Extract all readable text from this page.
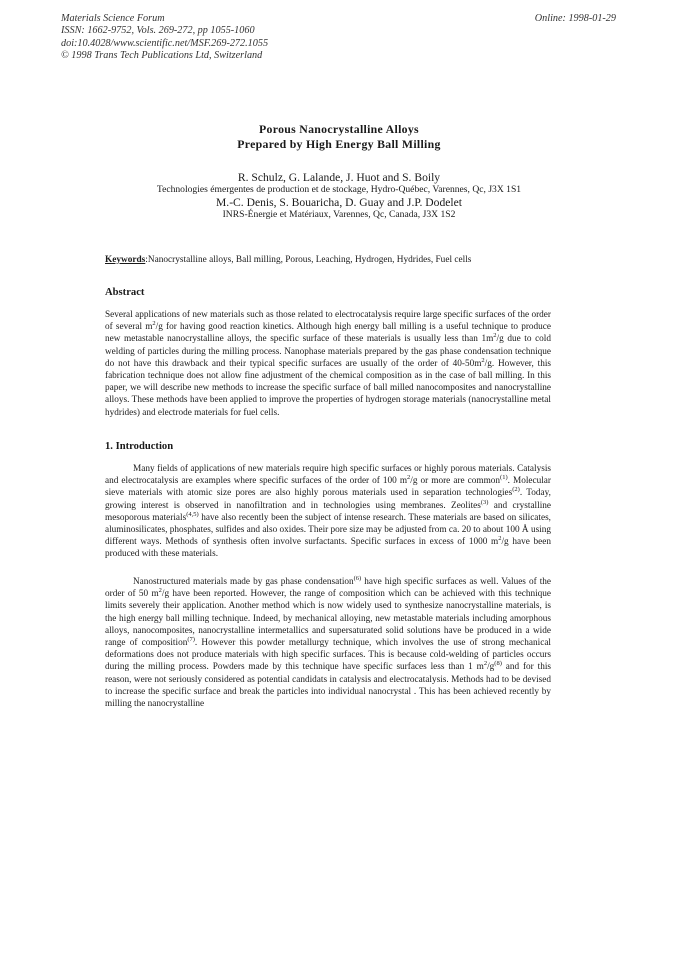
Materials Science Forum
ISSN: 1662-9752, Vols. 269-272, pp 1055-1060
doi:10.4028/www.scientific.net/MSF.269-272.1055
© 1998 Trans Tech Publications Ltd, Switzerland
Online: 1998-01-29
Porous Nanocrystalline Alloys
Prepared by High Energy Ball Milling
R. Schulz, G. Lalande, J. Huot and S. Boily
Technologies émergentes de production et de stockage, Hydro-Québec, Varennes, Qc, J3X 1S1
M.-C. Denis, S. Bouaricha, D. Guay and J.P. Dodelet
INRS-Énergie et Matériaux, Varennes, Qc, Canada, J3X 1S2
Keywords:Nanocrystalline alloys, Ball milling, Porous, Leaching, Hydrogen, Hydrides, Fuel cells
Abstract
Several applications of new materials such as those related to electrocatalysis require large specific surfaces of the order of several $m^2/g$ for having good reaction kinetics. Although high energy ball milling is a useful technique to produce new metastable nanocrystalline alloys, the specific surface of these materials is usually less than $1m^2/g$ due to cold welding of particles during the milling process. Nanophase materials prepared by the gas phase condensation technique do not have this drawback and their typical specific surfaces are usually of the order of $40-50m^2/g$. However, this fabrication technique does not allow fine adjustment of the chemical composition as in the case of ball milling. In this paper, we will describe new methods to increase the specific surface of ball milled nanocomposites and nanocrystalline alloys. These methods have been applied to improve the properties of hydrogen storage materials (nanocrystalline metal hydrides) and electrode materials for fuel cells.
1. Introduction
Many fields of applications of new materials require high specific surfaces or highly porous materials. Catalysis and electrocatalysis are examples where specific surfaces of the order of 100 $m^2/g$ or more are common$^{(1)}$. Molecular sieve materials with atomic size pores are also highly porous materials used in separation technologies$^{(2)}$. Today, growing interest is observed in nanofiltration and in technologies using membranes. Zeolites$^{(3)}$ and crystalline mesoporous materials$^{(4,5)}$ have also recently been the subject of intense research. These materials are based on silicates, aluminosilicates, phosphates, sulfides and also oxides. Their pore size may be adjusted from ca. 20 to about 100 Å using different ways. Methods of synthesis often involve surfactants. Specific surfaces in excess of 1000 $m^2/g$ have been produced with these materials.
Nanostructured materials made by gas phase condensation$^{(6)}$ have high specific surfaces as well. Values of the order of 50 $m^2/g$ have been reported. However, the range of composition which can be achieved with this technique limits severely their application. Another method which is now widely used to synthesize nanocrystalline materials, is the high energy ball milling technique. Indeed, by mechanical alloying, new metastable materials including amorphous alloys, nanocomposites, nanocrystalline intermetallics and supersaturated solid solutions have be produced in a wide range of composition$^{(7)}$. However this powder metallurgy technique, which involves the use of strong mechanical deformations does not produce materials with high specific surfaces. This is because cold-welding of particles occurs during the milling process. Powders made by this technique have specific surfaces less than 1 $m^2/g^{(8)}$ and for this reason, were not seriously considered as potential candidats in catalysis and electrocatalysis. Methods had to be devised to increase the specific surface and break the particles into individual nanocrystal . This has been achieved recently by milling the nanocrystalline
